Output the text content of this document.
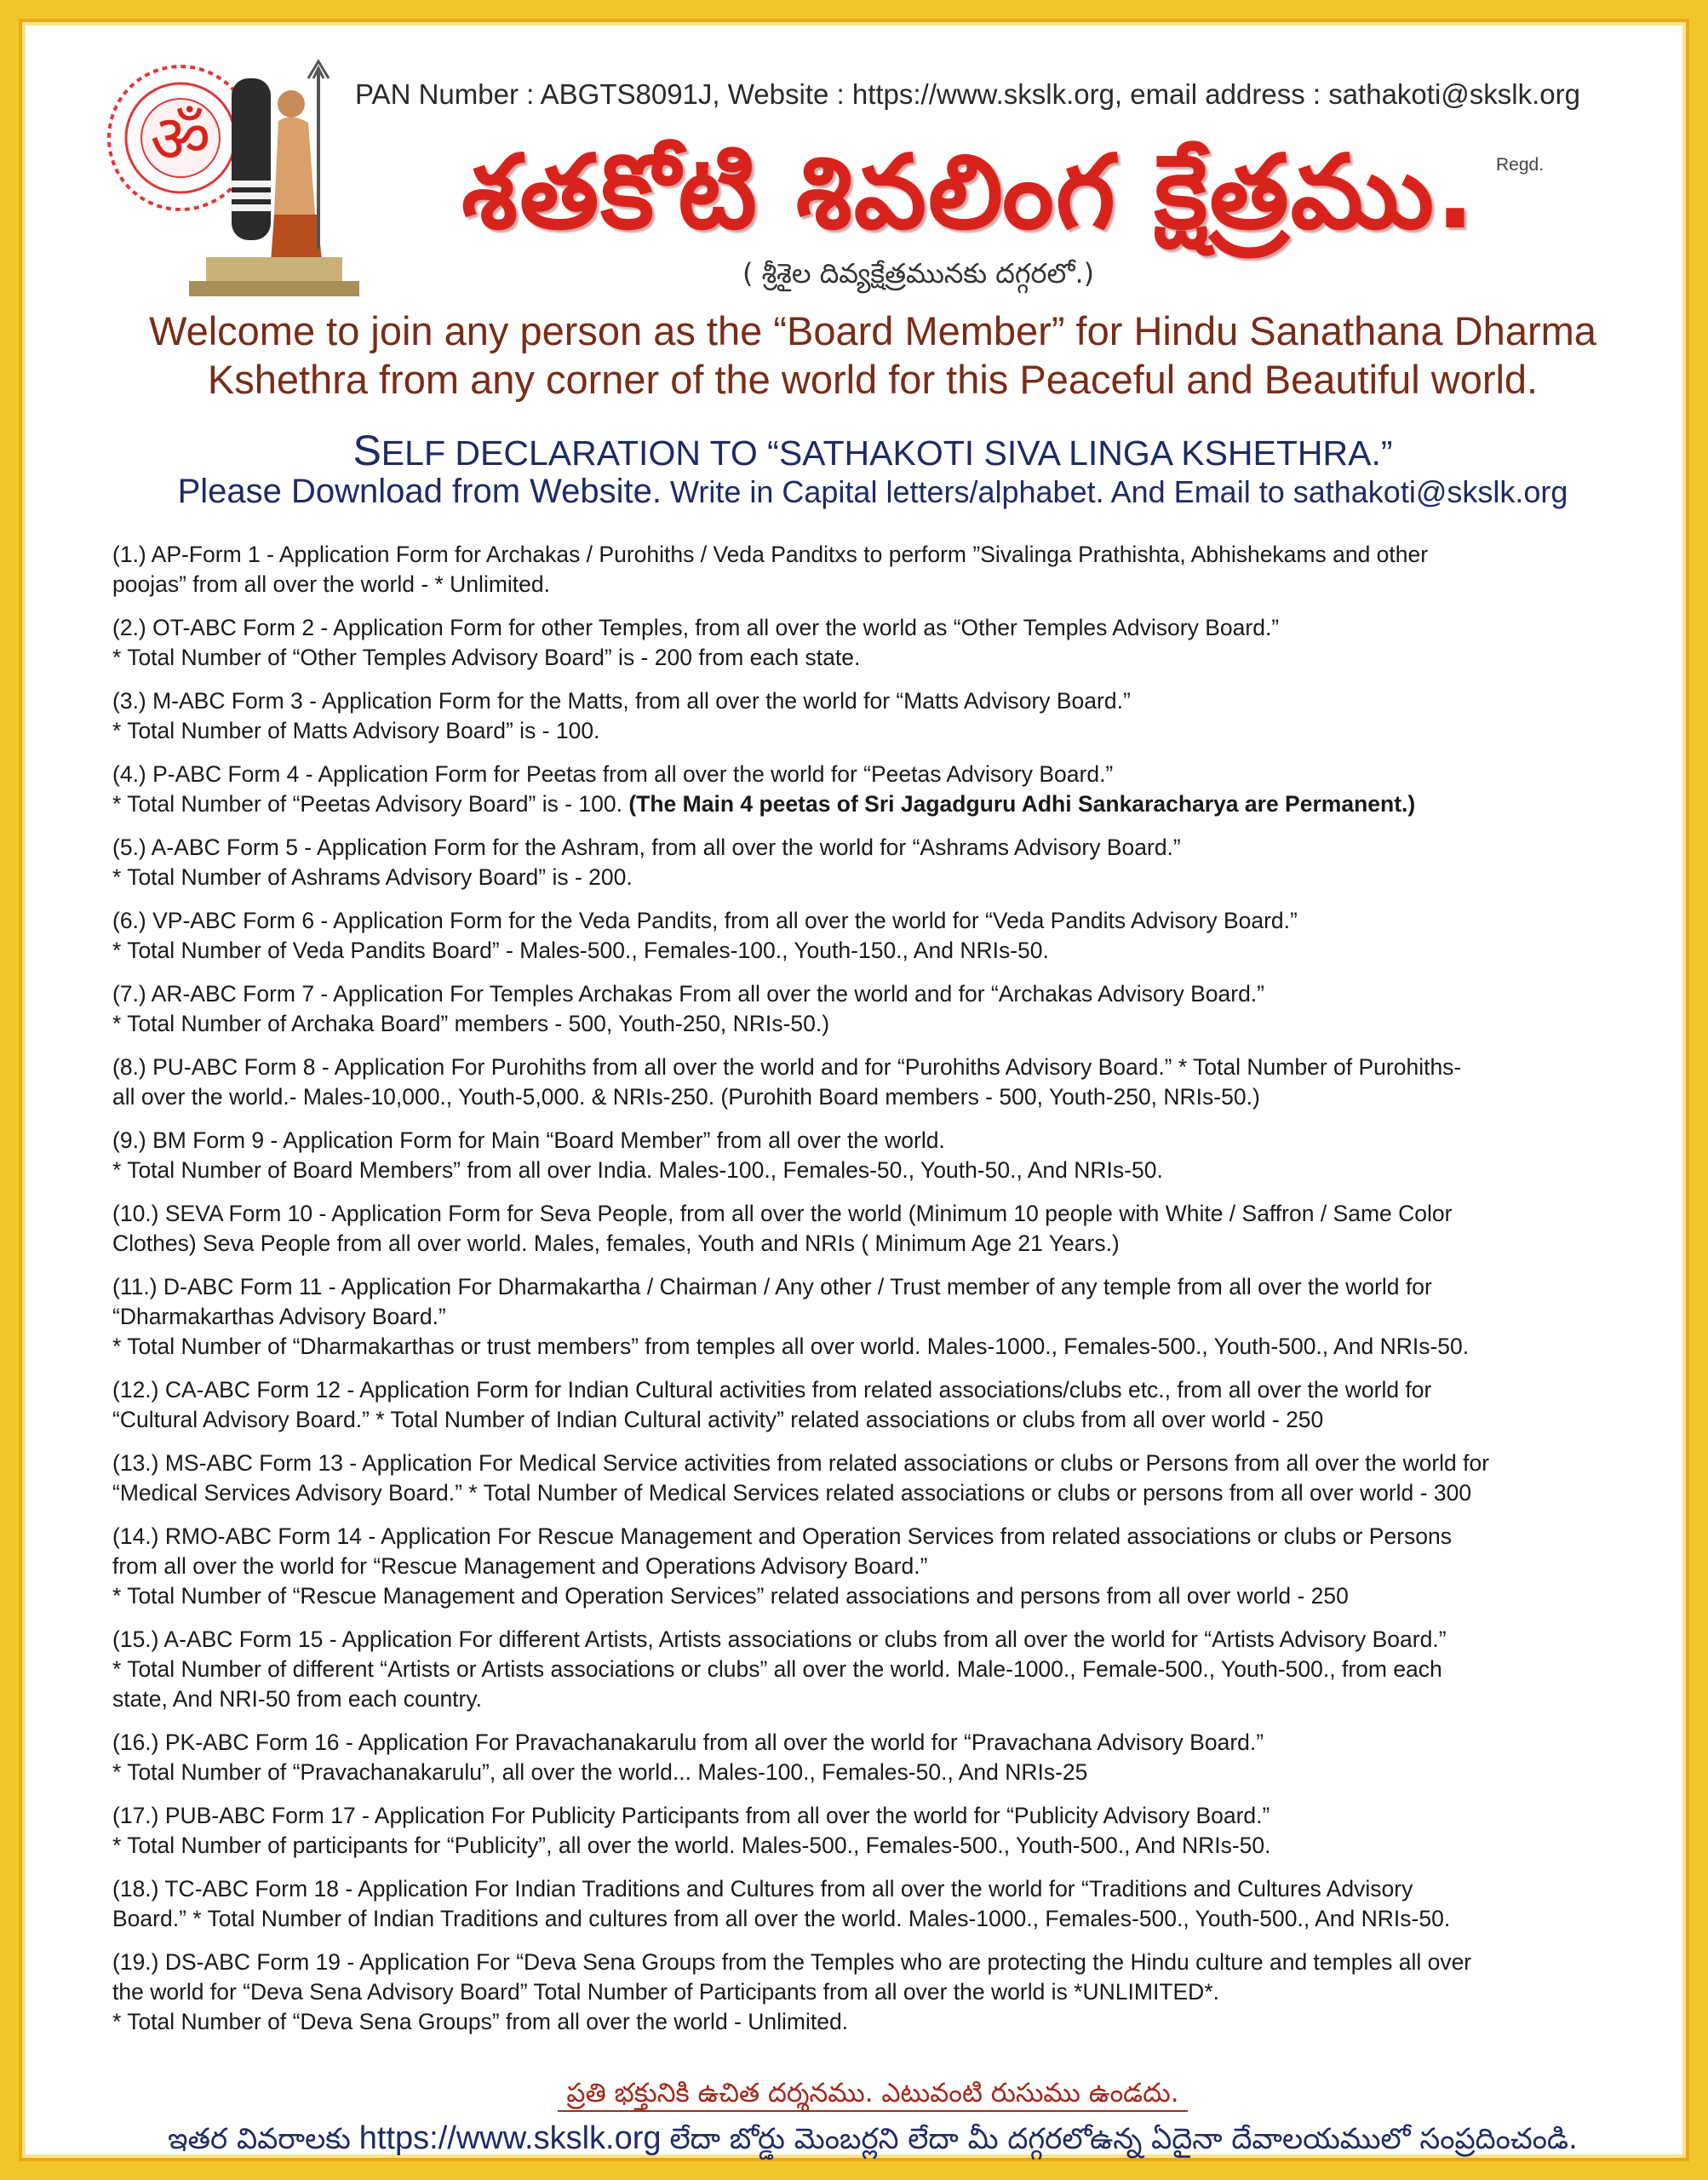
ॐ
PAN Number : ABGTS8091J, Website : https://www.skslk.org, email address : sathakoti@skslk.org
శతకోటి శివలింగ క్షేత్రము.	Regd.
( శ్రీశైల దివ్యక్షేత్రమునకు దగ్గరలో.)
Welcome to join any person as the “Board Member” for Hindu Sanathana Dharma
Kshethra from any corner of the world for this Peaceful and Beautiful world.
SELF DECLARATION TO “SATHAKOTI SIVA LINGA KSHETHRA.”
Please Download from Website. Write in Capital letters/alphabet. And Email to sathakoti@skslk.org
(1.) AP-Form 1 - Application Form for Archakas / Purohiths / Veda Panditхs to perform ”Sivalinga Prathishta, Abhishekams and other
poojas” from all over the world - * Unlimited.
(2.) OT-ABC Form 2 - Application Form for other Temples, from all over the world as “Other Temples Advisory Board.”
* Total Number of “Other Temples Advisory Board” is - 200 from each state.
(3.) M-ABC Form 3 - Application Form for the Matts, from all over the world for “Matts Advisory Board.”
* Total Number of Matts Advisory Board” is - 100.
(4.) P-ABC Form 4 - Application Form for Peetas from all over the world for “Peetas Advisory Board.”
* Total Number of “Peetas Advisory Board” is - 100. (The Main 4 peetas of Sri Jagadguru Adhi Sankaracharya are Permanent.)
(5.) A-ABC Form 5 - Application Form for the Ashram, from all over the world for “Ashrams Advisory Board.”
* Total Number of Ashrams Advisory Board” is - 200.
(6.) VP-ABC Form 6 - Application Form for the Veda Pandits, from all over the world for “Veda Pandits Advisory Board.”
* Total Number of Veda Pandits Board” - Males-500., Females-100., Youth-150., And NRIs-50.
(7.) AR-ABC Form 7 - Application For Temples Archakas From all over the world and for “Archakas Advisory Board.”
* Total Number of Archaka Board” members - 500, Youth-250, NRIs-50.)
(8.) PU-ABC Form 8 - Application For Purohiths from all over the world and for “Purohiths Advisory Board.” * Total Number of Purohiths-
all over the world.- Males-10,000., Youth-5,000. & NRIs-250. (Purohith Board members - 500, Youth-250, NRIs-50.)
(9.) BM Form 9 - Application Form for Main “Board Member” from all over the world.
* Total Number of Board Members” from all over India. Males-100., Females-50., Youth-50., And NRIs-50.
(10.) SEVA Form 10 - Application Form for Seva People, from all over the world (Minimum 10 people with White / Saffron / Same Color
Clothes) Seva People from all over world. Males, females, Youth and NRIs ( Minimum Age 21 Years.)
(11.) D-ABC Form 11 - Application For Dharmakartha / Chairman / Any other / Trust member of any temple from all over the world for
“Dharmakarthas Advisory Board.”
* Total Number of “Dharmakarthas or trust members” from temples all over world. Males-1000., Females-500., Youth-500., And NRIs-50.
(12.) CA-ABC Form 12 - Application Form for Indian Cultural activities from related associations/clubs etc., from all over the world for
“Cultural Advisory Board.” * Total Number of Indian Cultural activity” related associations or clubs from all over world - 250
(13.) MS-ABC Form 13 - Application For Medical Service activities from related associations or clubs or Persons from all over the world for
“Medical Services Advisory Board.” * Total Number of Medical Services related associations or clubs or persons from all over world - 300
(14.) RMO-ABC Form 14 - Application For Rescue Management and Operation Services from related associations or clubs or Persons
from all over the world for “Rescue Management and Operations Advisory Board.”
* Total Number of “Rescue Management and Operation Services” related associations and persons from all over world - 250
(15.) A-ABC Form 15 - Application For different Artists, Artists associations or clubs from all over the world for “Artists Advisory Board.”
* Total Number of different “Artists or Artists associations or clubs” all over the world. Male-1000., Female-500., Youth-500., from each
state, And NRI-50 from each country.
(16.) PK-ABC Form 16 - Application For Pravachanakarulu from all over the world for “Pravachana Advisory Board.”
* Total Number of “Pravachanakarulu”, all over the world... Males-100., Females-50., And NRIs-25
(17.) PUB-ABC Form 17 - Application For Publicity Participants from all over the world for “Publicity Advisory Board.”
* Total Number of participants for “Publicity”, all over the world. Males-500., Females-500., Youth-500., And NRIs-50.
(18.) TC-ABC Form 18 - Application For Indian Traditions and Cultures from all over the world for “Traditions and Cultures Advisory
Board.” * Total Number of Indian Traditions and cultures from all over the world. Males-1000., Females-500., Youth-500., And NRIs-50.
(19.) DS-ABC Form 19 - Application For “Deva Sena Groups from the Temples who are protecting the Hindu culture and temples all over
the world for “Deva Sena Advisory Board” Total Number of Participants from all over the world is *UNLIMITED*.
* Total Number of “Deva Sena Groups” from all over the world - Unlimited.
ప్రతి భక్తునికి ఉచిత దర్శనము. ఎటువంటి రుసుము ఉండదు.
ఇతర వివరాలకు https://www.skslk.org లేదా బోర్డు మెంబర్లని లేదా మీ దగ్గరలోఉన్న ఏదైనా దేవాలయములో సంప్రదించండి.
